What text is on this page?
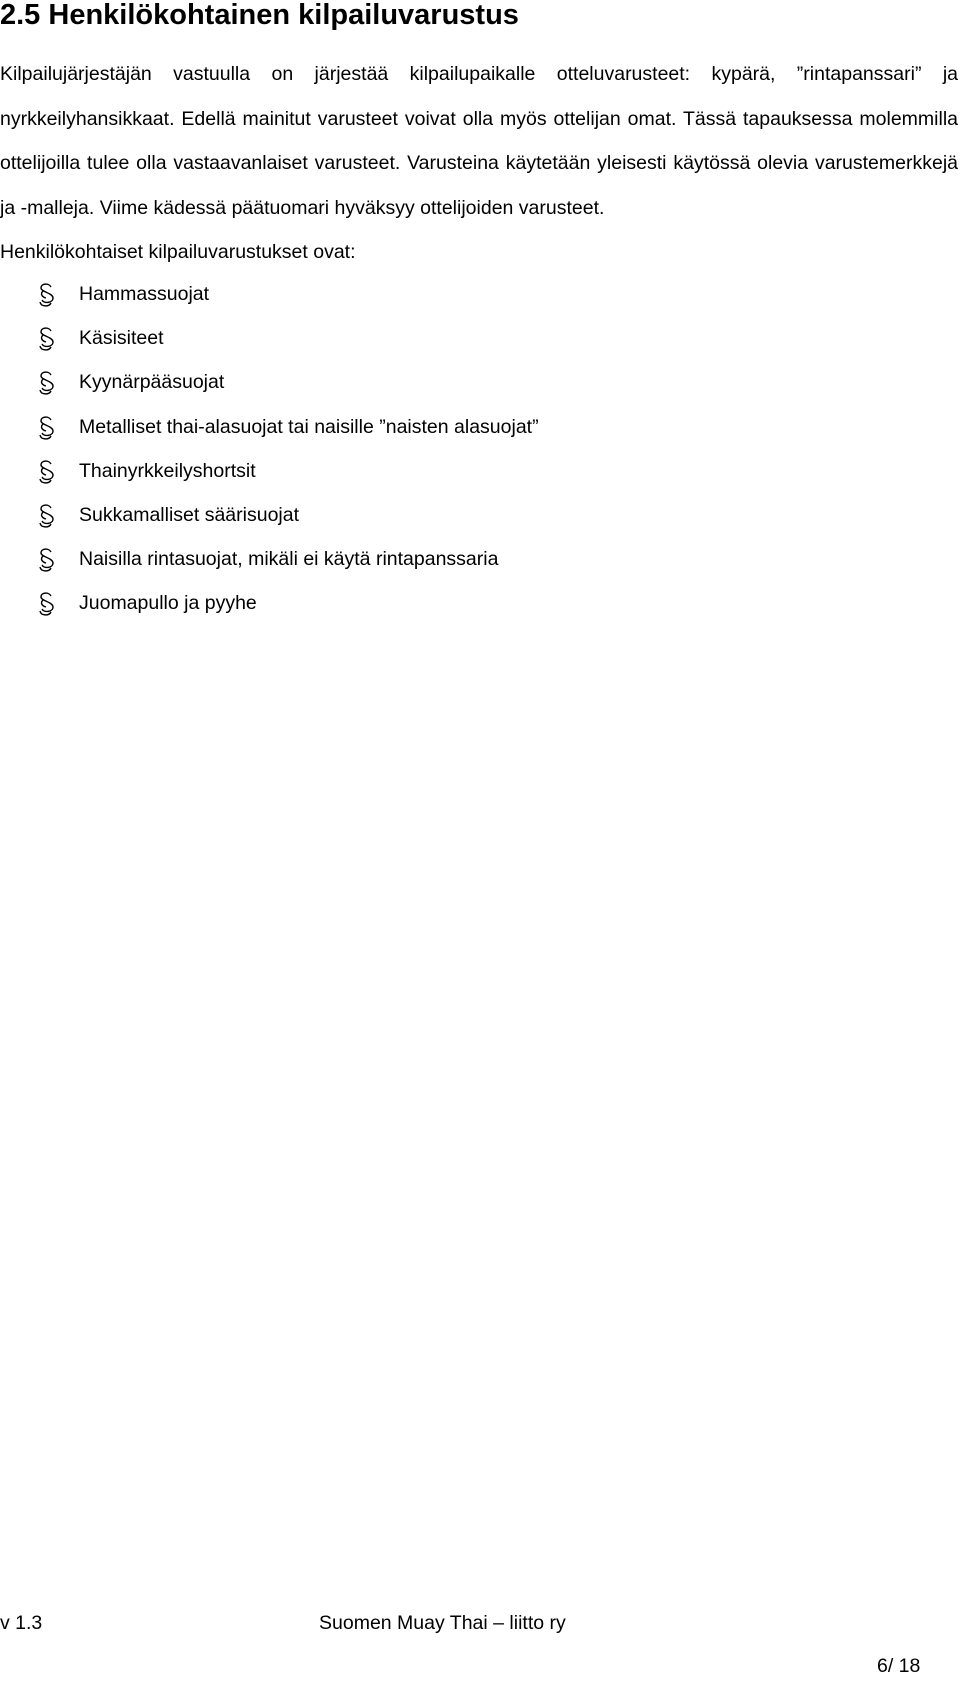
2.5 Henkilökohtainen kilpailuvarustus

Kilpailujärjestäjän vastuulla on järjestää kilpailupaikalle otteluvarusteet: kypärä, ”rintapanssari” ja nyrkkeilyhansikkaat. Edellä mainitut varusteet voivat olla myös ottelijan omat. Tässä tapauksessa molemmilla ottelijoilla tulee olla vastaavanlaiset varusteet. Varusteina käytetään yleisesti käytössä olevia varustemerkkejä ja -malleja. Viime kädessä päätuomari hyväksyy ottelijoiden varusteet.

Henkilökohtaiset kilpailuvarustukset ovat:

Hammassuojat
Käsisiteet
Kyynärpääsuojat
Metalliset thai-alasuojat tai naisille ”naisten alasuojat”
Thainyrkkeilyshortsit
Sukkamalliset säärisuojat
Naisilla rintasuojat, mikäli ei käytä rintapanssaria
Juomapullo ja pyyhe
v 1.3	Suomen Muay Thai – liitto ry
6/ 18
